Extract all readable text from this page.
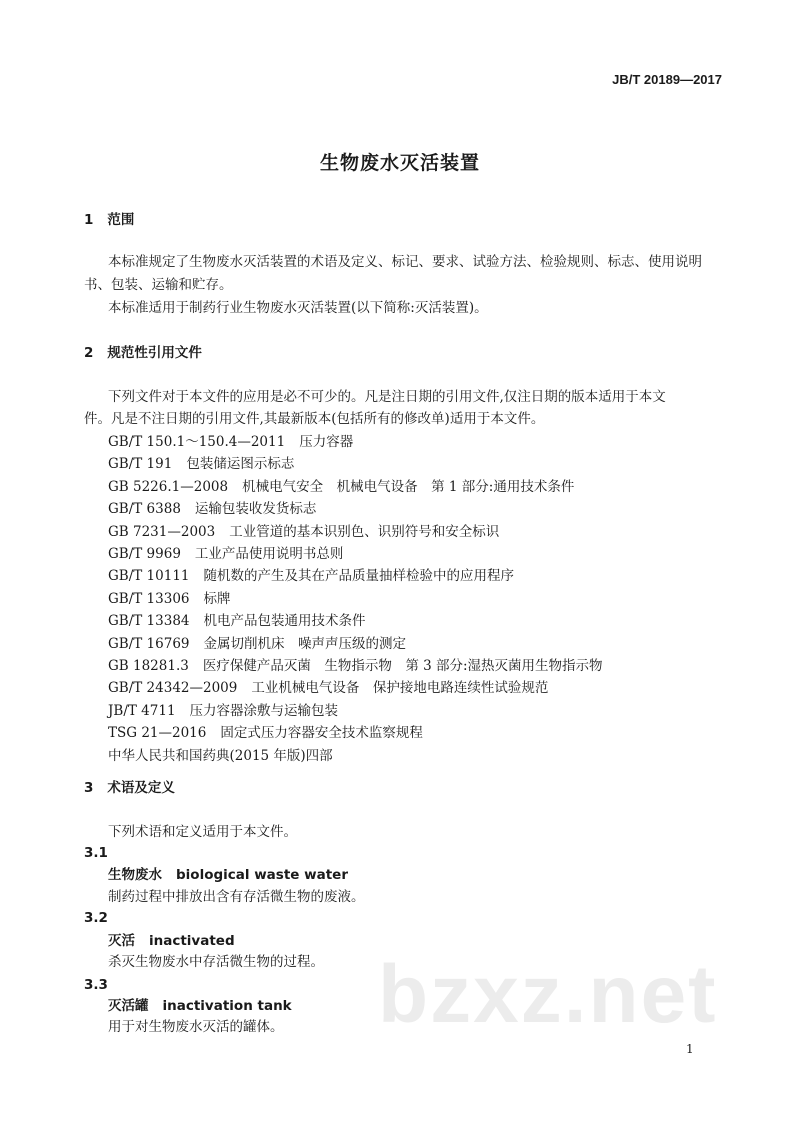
JB/T 20189—2017
生物废水灭活装置
1 范围
本标准规定了生物废水灭活装置的术语及定义、标记、要求、试验方法、检验规则、标志、使用说明
书、包装、运输和贮存。
本标准适用于制药行业生物废水灭活装置(以下简称:灭活装置)。
2 规范性引用文件
下列文件对于本文件的应用是必不可少的。凡是注日期的引用文件,仅注日期的版本适用于本文
件。凡是不注日期的引用文件,其最新版本(包括所有的修改单)适用于本文件。
GB/T 150.1～150.4—2011 压力容器
GB/T 191 包装储运图示标志
GB 5226.1—2008 机械电气安全　机械电气设备　第 1 部分:通用技术条件
GB/T 6388 运输包装收发货标志
GB 7231—2003 工业管道的基本识别色、识别符号和安全标识
GB/T 9969 工业产品使用说明书总则
GB/T 10111 随机数的产生及其在产品质量抽样检验中的应用程序
GB/T 13306 标牌
GB/T 13384 机电产品包装通用技术条件
GB/T 16769 金属切削机床　噪声声压级的测定
GB 18281.3 医疗保健产品灭菌　生物指示物　第 3 部分:湿热灭菌用生物指示物
GB/T 24342—2009 工业机械电气设备　保护接地电路连续性试验规范
JB/T 4711 压力容器涂敷与运输包装
TSG 21—2016 固定式压力容器安全技术监察规程
中华人民共和国药典(2015 年版)四部
3 术语及定义
下列术语和定义适用于本文件。
3.1
生物废水 biological waste water
制药过程中排放出含有存活微生物的废液。
3.2
灭活 inactivated
杀灭生物废水中存活微生物的过程。
3.3
灭活罐 inactivation tank
用于对生物废水灭活的罐体。 bzxz.net
1
